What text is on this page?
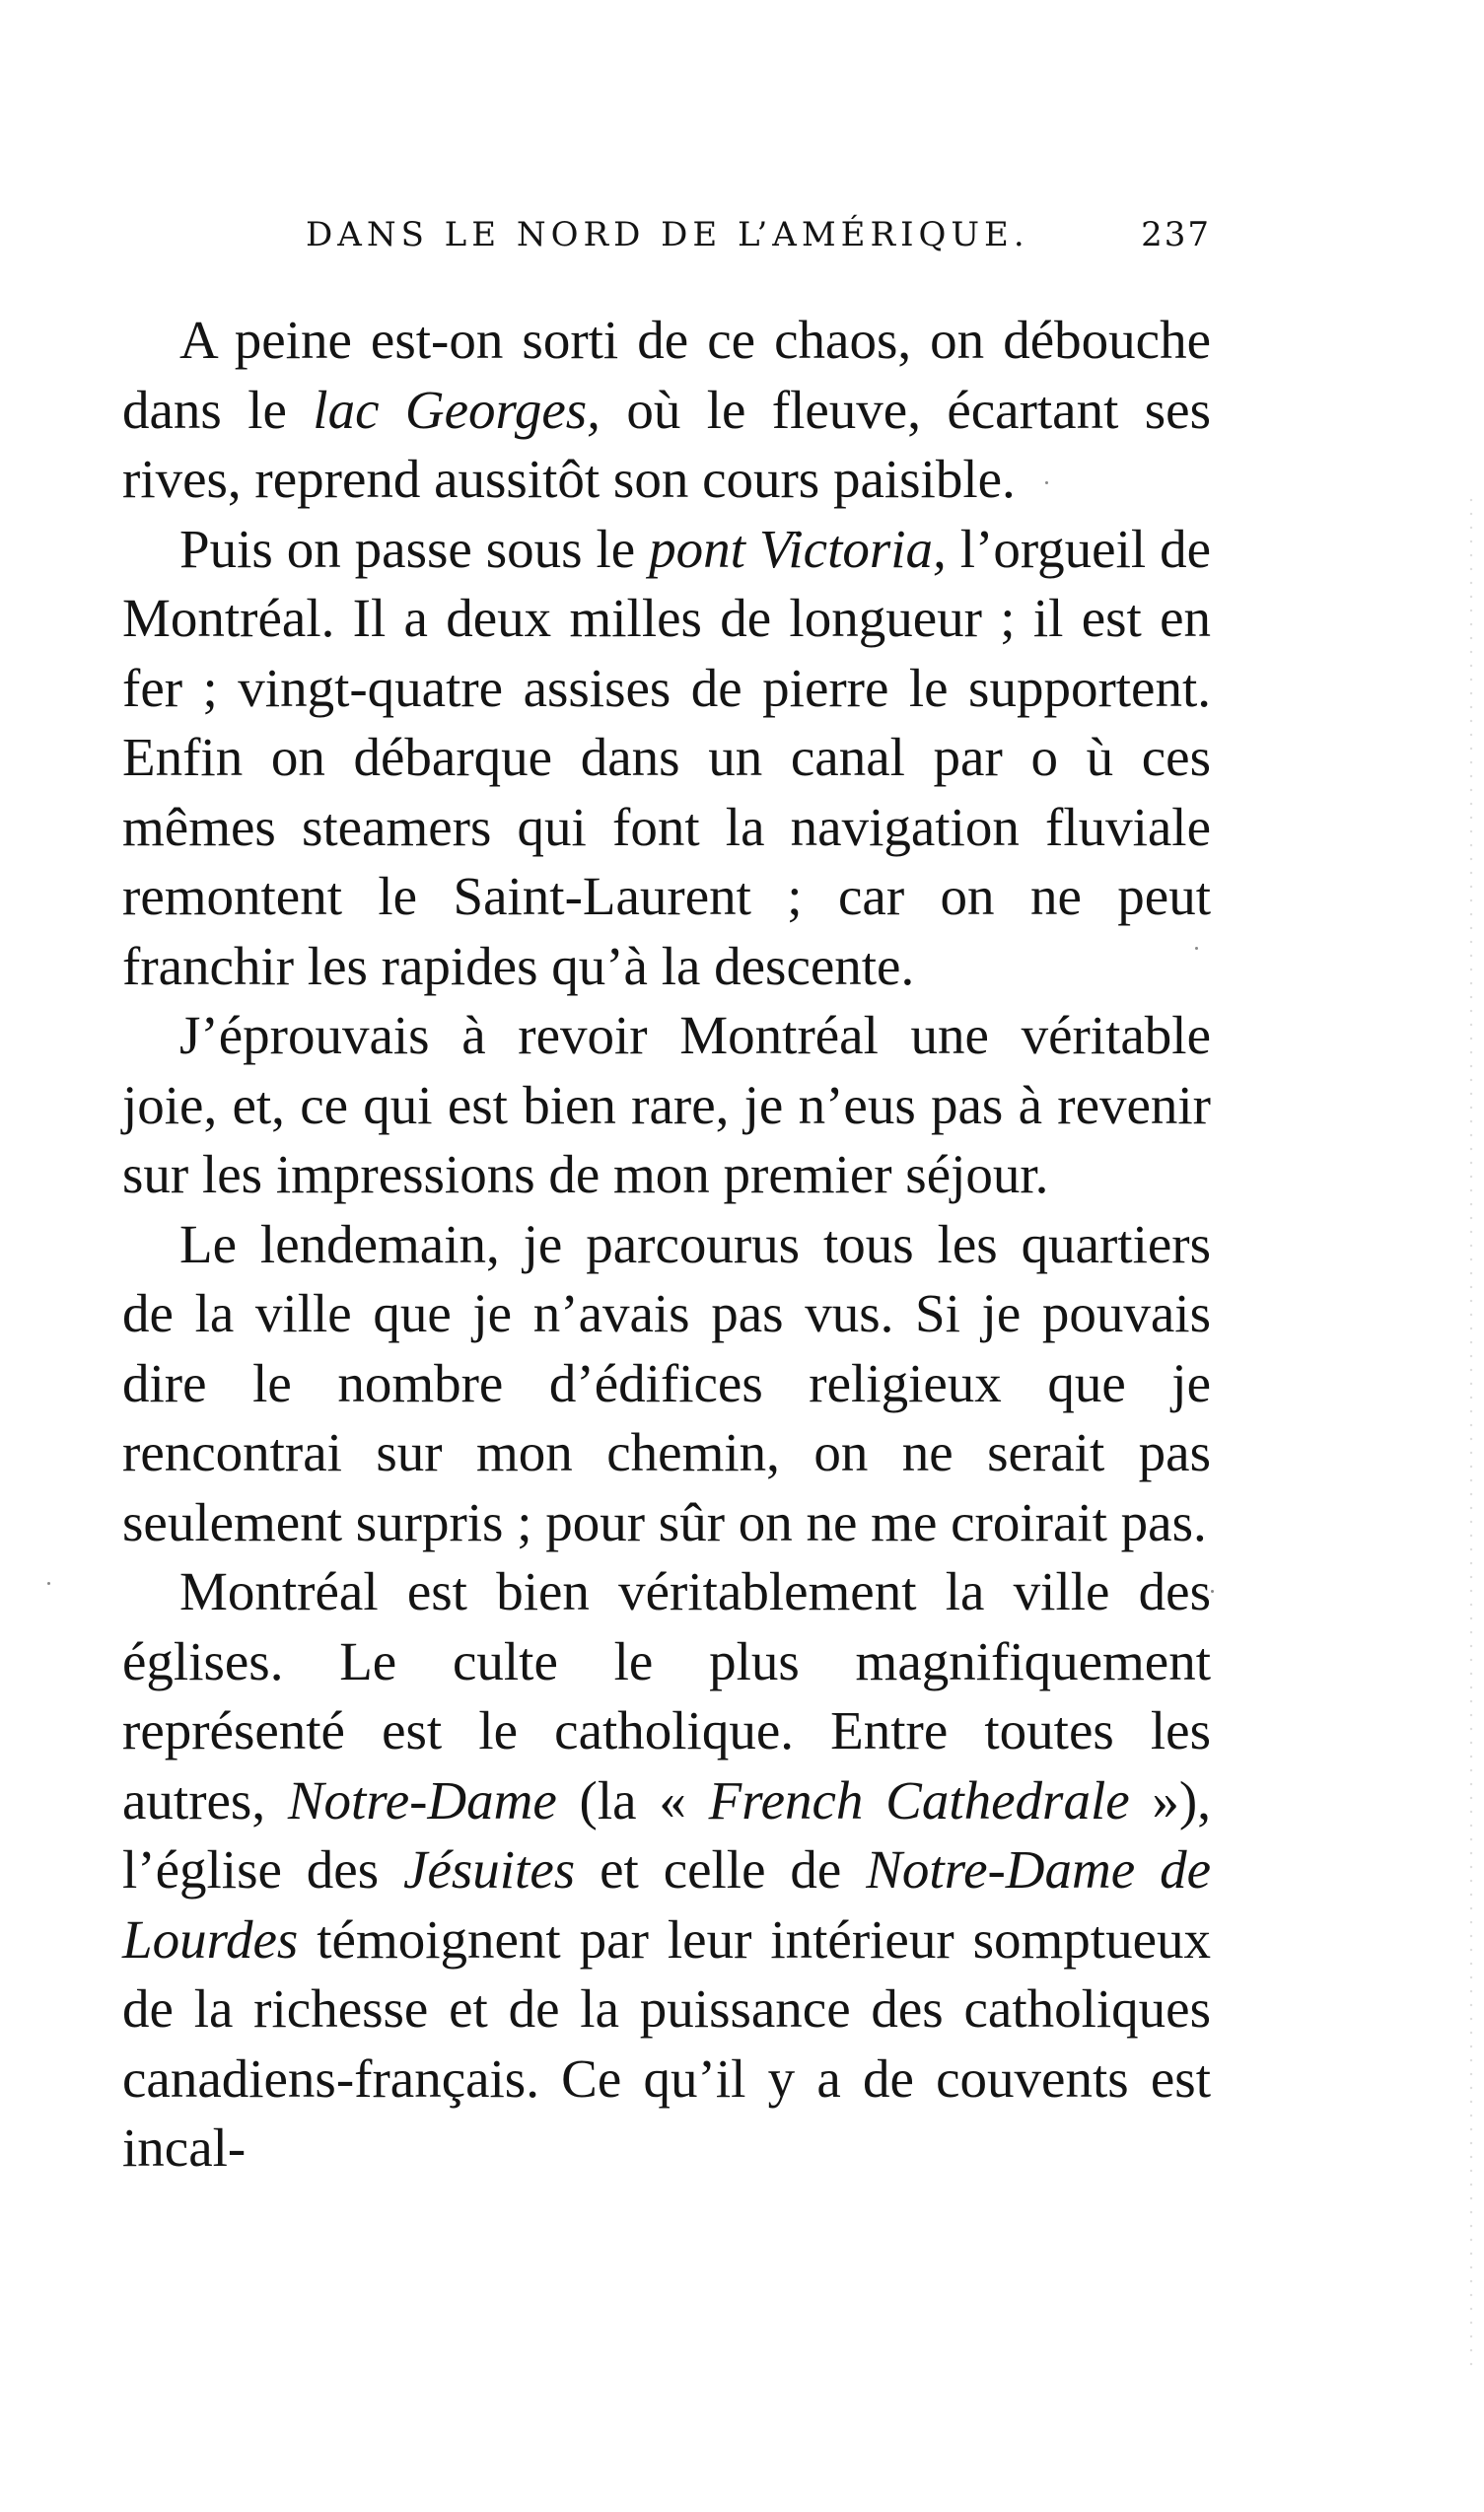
DANS LE NORD DE L’AMÉRIQUE.	237

A peine est-on sorti de ce chaos, on débouche dans le lac Georges, où le fleuve, écartant ses rives, reprend aussitôt son cours paisible.

Puis on passe sous le pont Victoria, l’orgueil de Montréal. Il a deux milles de longueur ; il est en fer ; vingt-quatre assises de pierre le supportent. Enfin on débarque dans un canal par o ù ces mêmes steamers qui font la navigation fluviale remontent le Saint-Laurent ; car on ne peut franchir les rapides qu’à la descente.

J’éprouvais à revoir Montréal une véritable joie, et, ce qui est bien rare, je n’eus pas à revenir sur les impressions de mon premier séjour.

Le lendemain, je parcourus tous les quartiers de la ville que je n’avais pas vus. Si je pouvais dire le nombre d’édifices religieux que je rencontrai sur mon chemin, on ne serait pas seulement surpris ; pour sûr on ne me croirait pas.

Montréal est bien véritablement la ville des églises. Le culte le plus magnifiquement représenté est le catholique. Entre toutes les autres, Notre-Dame (la « French Cathedrale »), l’église des Jésuites et celle de Notre-Dame de Lourdes témoignent par leur intérieur somptueux de la richesse et de la puissance des catholiques canadiens-français. Ce qu’il y a de couvents est incal-
